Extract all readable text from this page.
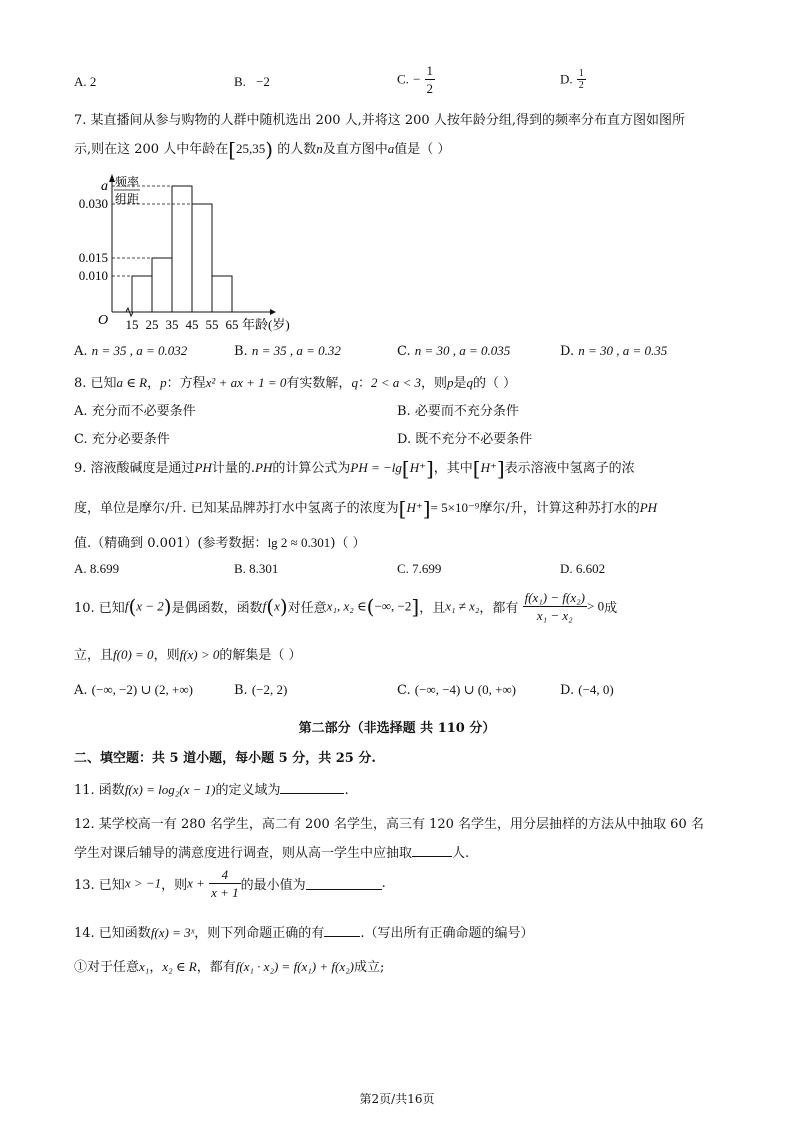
A. 2	B. −2	C. − $\frac{1}{2}$	D. $\frac{1}{2}$
7. 某直播间从参与购物的人群中随机选出 200 人,并将这 200 人按年龄分组,得到的频率分布直方图如图所
示,则在这 200 人中年龄在[25,35) 的人数n及直方图中a值是（ ）
O
频率
组距
a
0.030
0.015
0.010
15 25 35 45 55 65 年龄(岁)
A. n = 35 , a = 0.032	B. n = 35 , a = 0.32	C. n = 30 , a = 0.035	D. n = 30 , a = 0.35
8. 已知a ∈ R，p：方程x² + ax + 1 = 0有实数解，q：2 < a < 3，则p是q的（ ）
A. 充分而不必要条件	B. 必要而不充分条件
C. 充分必要条件	D. 既不充分不必要条件
9. 溶液酸碱度是通过PH计量的.PH的计算公式为PH = −lg[H⁺]，其中[H⁺]表示溶液中氢离子的浓
度，单位是摩尔/升. 已知某品牌苏打水中氢离子的浓度为[H⁺]= 5×10⁻⁹摩尔/升，计算这种苏打水的PH
值.（精确到 0.001）(参考数据：lg 2 ≈ 0.301)（ ）
A. 8.699	B. 8.301	C. 7.699	D. 6.602
10. 已知f(x − 2)是偶函数，函数f(x)对任意x₁, x₂ ∈(−∞, −2]，且x₁ ≠ x₂，都有 $\frac{\text{f(x₁) − f(x₂)}}{\text{x₁ − x₂}} > 0$成
立，且f(0) = 0，则f(x) > 0的解集是（ ）
A. (−∞, −2) ∪ (2, +∞)	B. (−2, 2)	C. (−∞, −4) ∪ (0, +∞)	D. (−4, 0)
第二部分（非选择题 共 110 分）
二、填空题：共 5 道小题，每小题 5 分，共 25 分.
11. 函数f(x) = log₂(x − 1)的定义域为	.
12. 某学校高一有 280 名学生，高二有 200 名学生，高三有 120 名学生，用分层抽样的方法从中抽取 60 名
学生对课后辅导的满意度进行调查，则从高一学生中应抽取	人.
13. 已知x > −1，则$x + \frac{4}{x + 1}$ 的最小值为	.
14. 已知函数f(x) = 3ˣ，则下列命题正确的有	.（写出所有正确命题的编号）
①对于任意x₁，x₂ ∈ R，都有f(x₁ · x₂) = f(x₁) + f(x₂)成立;
第2页/共16页
